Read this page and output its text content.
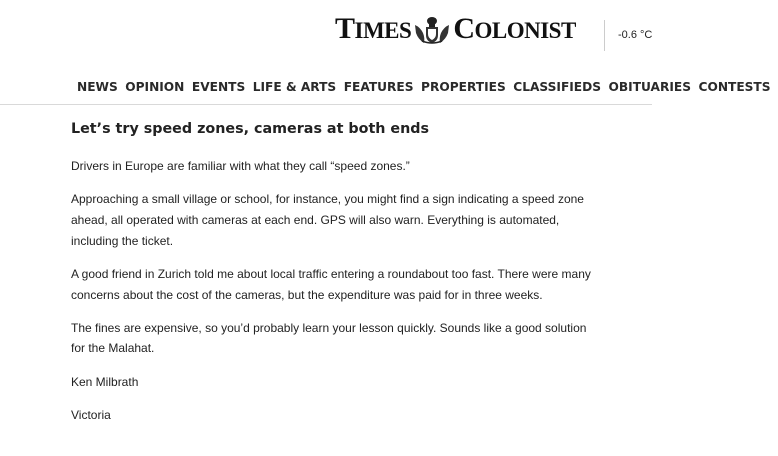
TIMES COLONIST	-0.6 °C
NEWS OPINION EVENTS LIFE & ARTS FEATURES PROPERTIES CLASSIFIEDS OBITUARIES CONTESTS
Let’s try speed zones, cameras at both ends

Drivers in Europe are familiar with what they call “speed zones.”

Approaching a small village or school, for instance, you might find a sign indicating a speed zone ahead, all operated with cameras at each end. GPS will also warn. Everything is automated, including the ticket.

A good friend in Zurich told me about local traffic entering a roundabout too fast. There were many concerns about the cost of the cameras, but the expenditure was paid for in three weeks.

The fines are expensive, so you’d probably learn your lesson quickly. Sounds like a good solution for the Malahat.

Ken Milbrath

Victoria
